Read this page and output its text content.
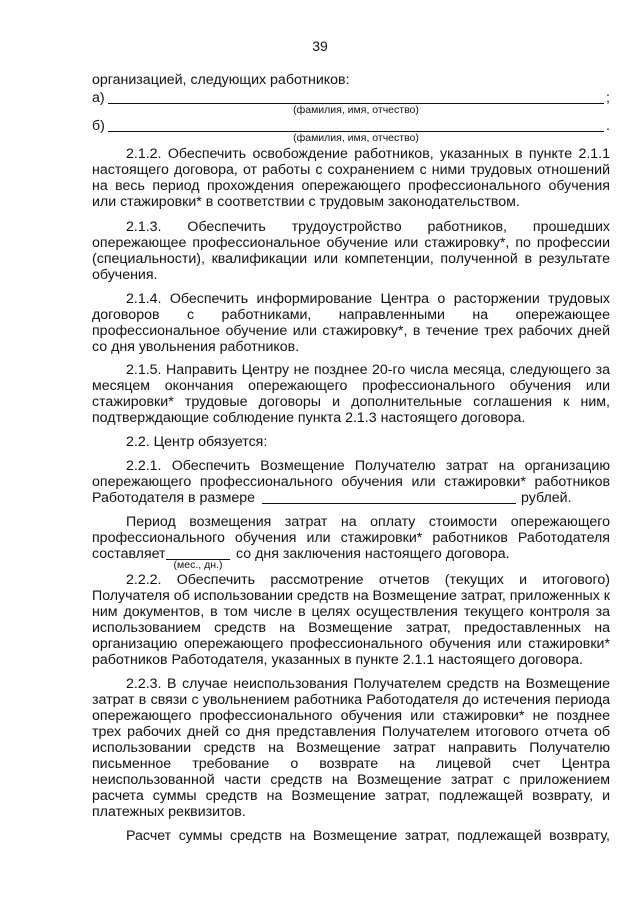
39
организацией, следующих работников:
а)	;
(фамилия, имя, отчество)
б)	.
(фамилия, имя, отчество)
2.1.2. Обеспечить освобождение работников, указанных в пункте 2.1.1
настоящего договора, от работы с сохранением с ними трудовых отношений
на весь период прохождения опережающего профессионального обучения
или стажировки* в соответствии с трудовым законодательством.
2.1.3. Обеспечить трудоустройство работников, прошедших
опережающее профессиональное обучение или стажировку*, по профессии
(специальности), квалификации или компетенции, полученной в результате
обучения.
2.1.4. Обеспечить информирование Центра о расторжении трудовых
договоров с работниками, направленными на опережающее
профессиональное обучение или стажировку*, в течение трех рабочих дней
со дня увольнения работников.
2.1.5. Направить Центру не позднее 20-го числа месяца, следующего за
месяцем окончания опережающего профессионального обучения или
стажировки* трудовые договоры и дополнительные соглашения к ним,
подтверждающие соблюдение пункта 2.1.3 настоящего договора.
2.2. Центр обязуется:
2.2.1. Обеспечить Возмещение Получателю затрат на организацию
опережающего профессионального обучения или стажировки* работников
Работодателя в размере	рублей.
Период возмещения затрат на оплату стоимости опережающего
профессионального обучения или стажировки* работников Работодателя
составляет	со дня заключения настоящего договора.
(мес., дн.)
2.2.2. Обеспечить рассмотрение отчетов (текущих и итогового)
Получателя об использовании средств на Возмещение затрат, приложенных к
ним документов, в том числе в целях осуществления текущего контроля за
использованием средств на Возмещение затрат, предоставленных на
организацию опережающего профессионального обучения или стажировки*
работников Работодателя, указанных в пункте 2.1.1 настоящего договора.
2.2.3. В случае неиспользования Получателем средств на Возмещение
затрат в связи с увольнением работника Работодателя до истечения периода
опережающего профессионального обучения или стажировки* не позднее
трех рабочих дней со дня представления Получателем итогового отчета об
использовании средств на Возмещение затрат направить Получателю
письменное требование о возврате на лицевой счет Центра
неиспользованной части средств на Возмещение затрат с приложением
расчета суммы средств на Возмещение затрат, подлежащей возврату, и
платежных реквизитов.
Расчет суммы средств на Возмещение затрат, подлежащей возврату,
